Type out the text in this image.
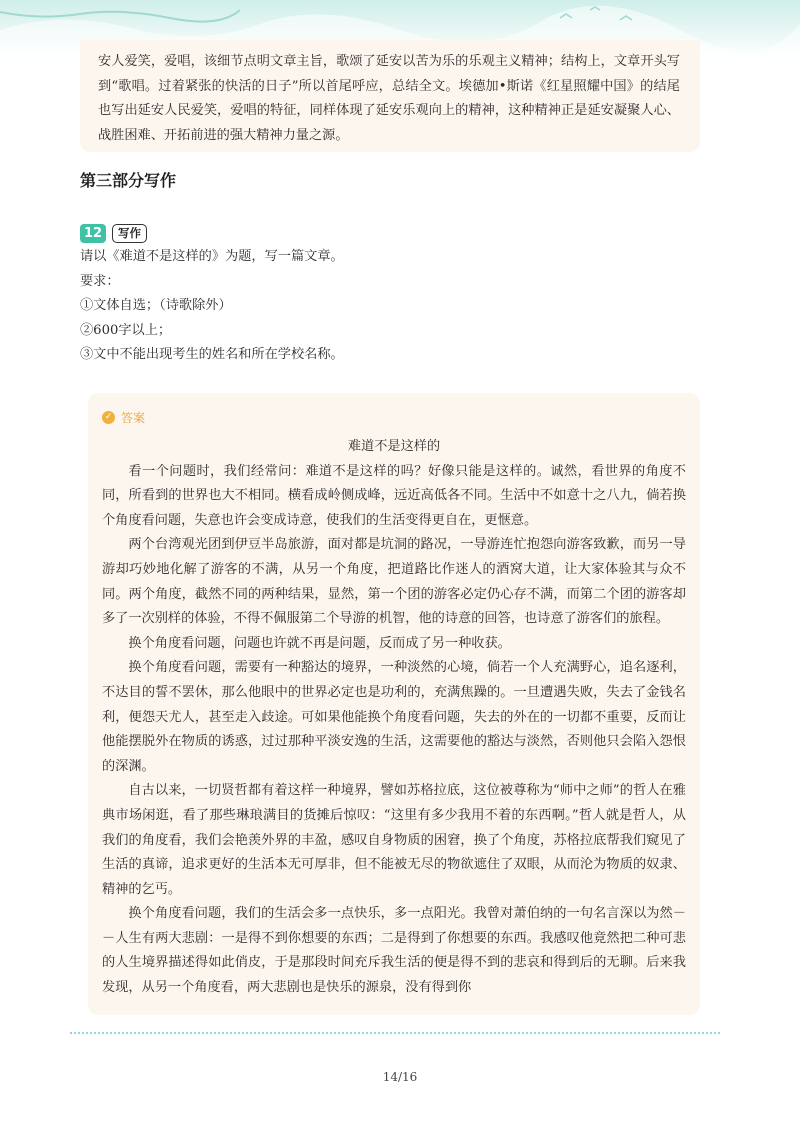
安人爱笑，爱唱，该细节点明文章主旨，歌颂了延安以苦为乐的乐观主义精神；结构上，文章开头写到“歌唱。过着紧张的快活的日子”所以首尾呼应，总结全文。埃德加•斯诺《红星照耀中国》的结尾也写出延安人民爱笑，爱唱的特征，同样体现了延安乐观向上的精神，这种精神正是延安凝聚人心、战胜困难、开拓前进的强大精神力量之源。

第三部分写作
12	写作

请以《难道不是这样的》为题，写一篇文章。

要求：

①文体自选；（诗歌除外）

②600字以上；

③文中不能出现考生的姓名和所在学校名称。

✓ 答案
难道不是这样的

看一个问题时，我们经常问：难道不是这样的吗？好像只能是这样的。诚然，看世界的角度不同，所看到的世界也大不相同。横看成岭侧成峰，远近高低各不同。生活中不如意十之八九，倘若换个角度看问题，失意也许会变成诗意，使我们的生活变得更自在，更惬意。

两个台湾观光团到伊豆半岛旅游，面对都是坑洞的路况，一导游连忙抱怨向游客致歉，而另一导游却巧妙地化解了游客的不满，从另一个角度，把道路比作迷人的酒窝大道，让大家体验其与众不同。两个角度，截然不同的两种结果，显然，第一个团的游客必定仍心存不满，而第二个团的游客却多了一次别样的体验，不得不佩服第二个导游的机智，他的诗意的回答，也诗意了游客们的旅程。

换个角度看问题，问题也许就不再是问题，反而成了另一种收获。

换个角度看问题，需要有一种豁达的境界，一种淡然的心境，倘若一个人充满野心，追名逐利，不达目的誓不罢休，那么他眼中的世界必定也是功利的，充满焦躁的。一旦遭遇失败，失去了金钱名利，便怨天尤人，甚至走入歧途。可如果他能换个角度看问题，失去的外在的一切都不重要，反而让他能摆脱外在物质的诱惑，过过那种平淡安逸的生活，这需要他的豁达与淡然，否则他只会陷入怨恨的深渊。

自古以来，一切贤哲都有着这样一种境界，譬如苏格拉底，这位被尊称为“师中之师”的哲人在雅典市场闲逛，看了那些琳琅满目的货摊后惊叹：“这里有多少我用不着的东西啊。”哲人就是哲人，从我们的角度看，我们会艳羡外界的丰盈，感叹自身物质的困窘，换了个角度，苏格拉底帮我们窥见了生活的真谛，追求更好的生活本无可厚非，但不能被无尽的物欲遮住了双眼，从而沦为物质的奴隶、精神的乞丐。

换个角度看问题，我们的生活会多一点快乐，多一点阳光。我曾对萧伯纳的一句名言深以为然－－人生有两大悲剧：一是得不到你想要的东西；二是得到了你想要的东西。我感叹他竟然把二种可悲的人生境界描述得如此俏皮，于是那段时间充斥我生活的便是得不到的悲哀和得到后的无聊。后来我发现，从另一个角度看，两大悲剧也是快乐的源泉，没有得到你

14/16
